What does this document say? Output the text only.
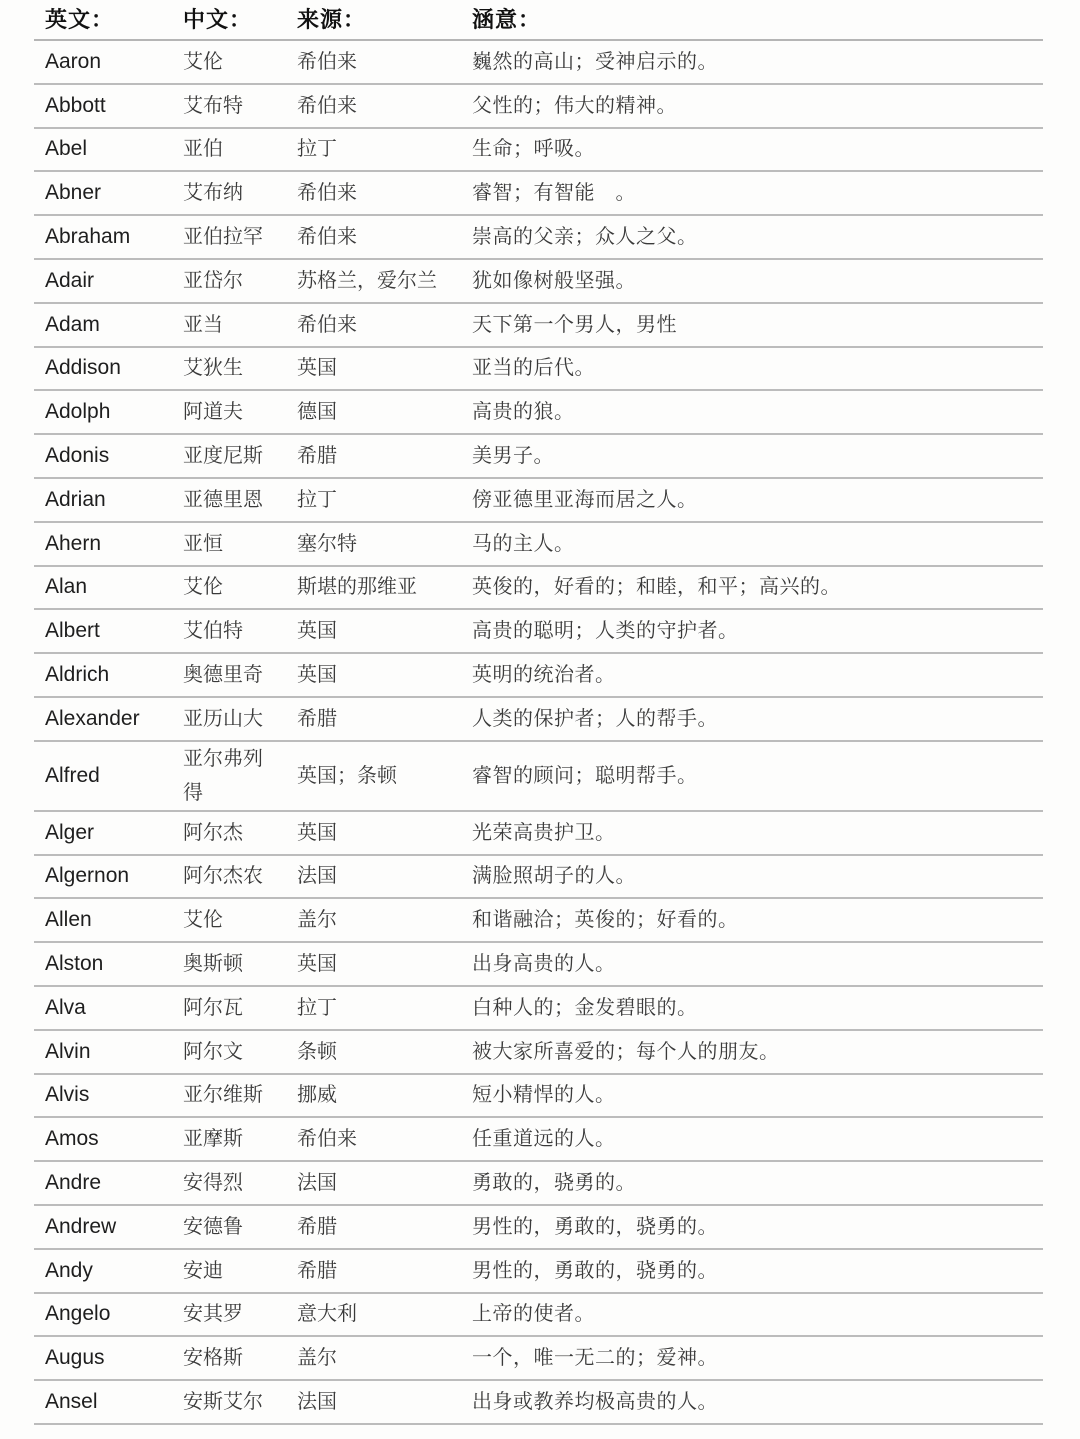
英文：	中文：	来源：	涵意：
Aaron	艾伦	希伯来	巍然的高山；受神启示的。
Abbott	艾布特	希伯来	父性的；伟大的精神。
Abel	亚伯	拉丁	生命；呼吸。
Abner	艾布纳	希伯来	睿智；有智能　。
Abraham	亚伯拉罕	希伯来	崇高的父亲；众人之父。
Adair	亚岱尔	苏格兰，爱尔兰	犹如像树般坚强。
Adam	亚当	希伯来	天下第一个男人，男性
Addison	艾狄生	英国	亚当的后代。
Adolph	阿道夫	德国	高贵的狼。
Adonis	亚度尼斯	希腊	美男子。
Adrian	亚德里恩	拉丁	傍亚德里亚海而居之人。
Ahern	亚恒	塞尔特	马的主人。
Alan	艾伦	斯堪的那维亚	英俊的，好看的；和睦，和平；高兴的。
Albert	艾伯特	英国	高贵的聪明；人类的守护者。
Aldrich	奥德里奇	英国	英明的统治者。
Alexander	亚历山大	希腊	人类的保护者；人的帮手。
Alfred	亚尔弗列得	英国；条顿	睿智的顾问；聪明帮手。
Alger	阿尔杰	英国	光荣高贵护卫。
Algernon	阿尔杰农	法国	满脸照胡子的人。
Allen	艾伦	盖尔	和谐融洽；英俊的；好看的。
Alston	奥斯顿	英国	出身高贵的人。
Alva	阿尔瓦	拉丁	白种人的；金发碧眼的。
Alvin	阿尔文	条顿	被大家所喜爱的；每个人的朋友。
Alvis	亚尔维斯	挪威	短小精悍的人。
Amos	亚摩斯	希伯来	任重道远的人。
Andre	安得烈	法国	勇敢的，骁勇的。
Andrew	安德鲁	希腊	男性的，勇敢的，骁勇的。
Andy	安迪	希腊	男性的，勇敢的，骁勇的。
Angelo	安其罗	意大利	上帝的使者。
Augus	安格斯	盖尔	一个，唯一无二的；爱神。
Ansel	安斯艾尔	法国	出身或教养均极高贵的人。
